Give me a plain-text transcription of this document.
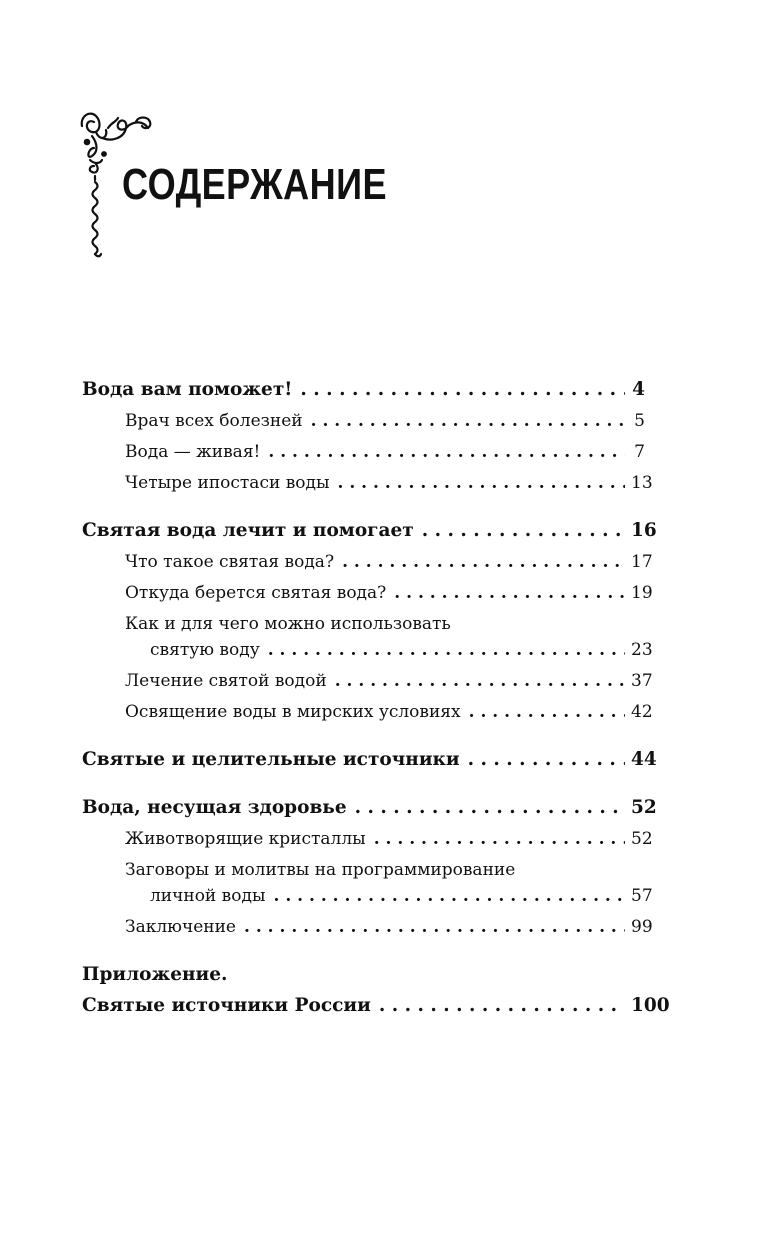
СОДЕРЖАНИЕ
Вода вам поможет! . . .	4
Врач всех болезней . . .	5
Вода — живая! . . .	7
Четыре ипостаси воды . . .	13
Святая вода лечит и помогает . . .	16
Что такое святая вода? . . .	17
Откуда берется святая вода? . . .	19
Как и для чего можно использовать
святую воду . . .	23
Лечение святой водой . . .	37
Освящение воды в мирских условиях . . .	42
Святые и целительные источники . . .	44
Вода, несущая здоровье . . .	52
Животворящие кристаллы . . .	52
Заговоры и молитвы на программирование
личной воды . . .	57
Заключение . . .	99
Приложение.
Святые источники России . . .	100
